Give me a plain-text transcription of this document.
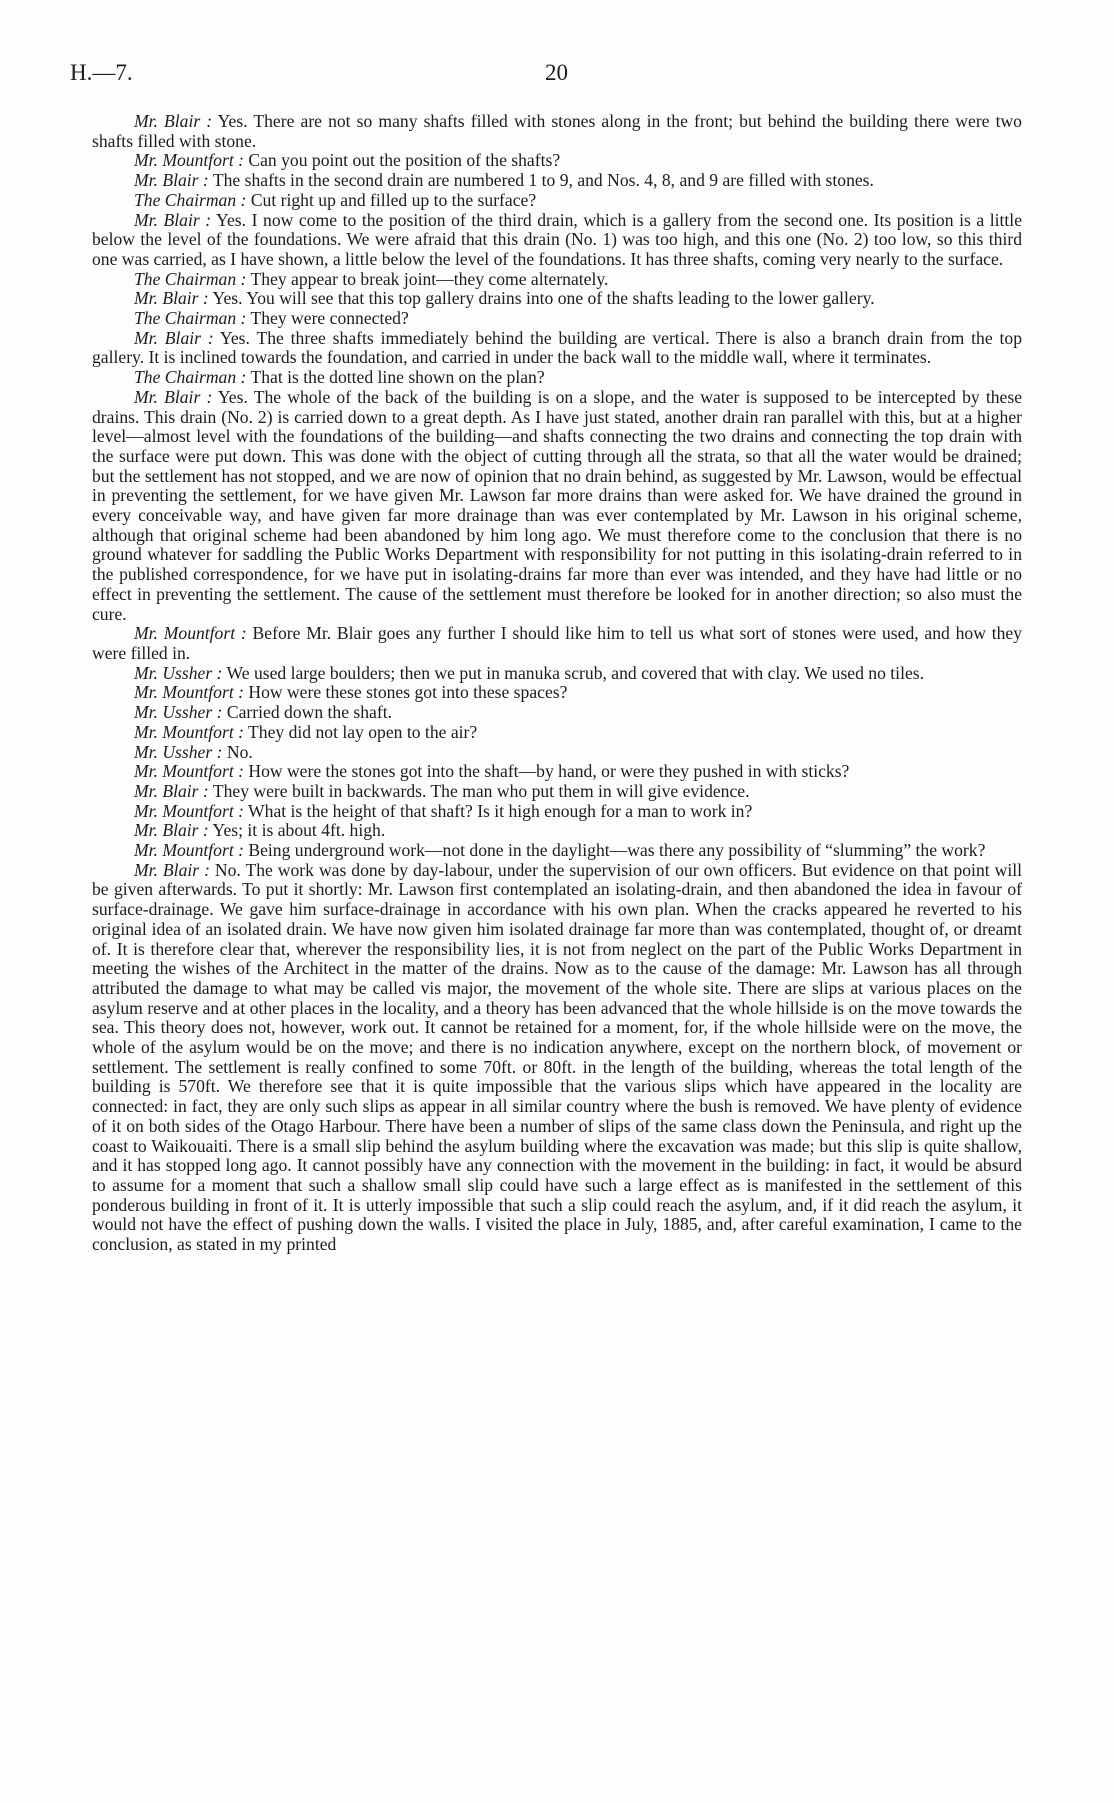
H.—7.	20

Mr. Blair : Yes. There are not so many shafts filled with stones along in the front; but behind the building there were two shafts filled with stone.

Mr. Mountfort : Can you point out the position of the shafts?

Mr. Blair : The shafts in the second drain are numbered 1 to 9, and Nos. 4, 8, and 9 are filled with stones.

The Chairman : Cut right up and filled up to the surface?

Mr. Blair : Yes. I now come to the position of the third drain, which is a gallery from the second one. Its position is a little below the level of the foundations. We were afraid that this drain (No. 1) was too high, and this one (No. 2) too low, so this third one was carried, as I have shown, a little below the level of the foundations. It has three shafts, coming very nearly to the surface.

The Chairman : They appear to break joint—they come alternately.

Mr. Blair : Yes. You will see that this top gallery drains into one of the shafts leading to the lower gallery.

The Chairman : They were connected?

Mr. Blair : Yes. The three shafts immediately behind the building are vertical. There is also a branch drain from the top gallery. It is inclined towards the foundation, and carried in under the back wall to the middle wall, where it terminates.

The Chairman : That is the dotted line shown on the plan?

Mr. Blair : Yes. The whole of the back of the building is on a slope, and the water is supposed to be intercepted by these drains. This drain (No. 2) is carried down to a great depth. As I have just stated, another drain ran parallel with this, but at a higher level—almost level with the foundations of the building—and shafts connecting the two drains and connecting the top drain with the surface were put down. This was done with the object of cutting through all the strata, so that all the water would be drained; but the settlement has not stopped, and we are now of opinion that no drain behind, as suggested by Mr. Lawson, would be effectual in preventing the settlement, for we have given Mr. Lawson far more drains than were asked for. We have drained the ground in every conceivable way, and have given far more drainage than was ever contemplated by Mr. Lawson in his original scheme, although that original scheme had been abandoned by him long ago. We must therefore come to the conclusion that there is no ground whatever for saddling the Public Works Department with responsibility for not putting in this isolating-drain referred to in the published correspondence, for we have put in isolating-drains far more than ever was intended, and they have had little or no effect in preventing the settlement. The cause of the settlement must therefore be looked for in another direction; so also must the cure.

Mr. Mountfort : Before Mr. Blair goes any further I should like him to tell us what sort of stones were used, and how they were filled in.

Mr. Ussher : We used large boulders; then we put in manuka scrub, and covered that with clay. We used no tiles.

Mr. Mountfort : How were these stones got into these spaces?

Mr. Ussher : Carried down the shaft.

Mr. Mountfort : They did not lay open to the air?

Mr. Ussher : No.

Mr. Mountfort : How were the stones got into the shaft—by hand, or were they pushed in with sticks?

Mr. Blair : They were built in backwards. The man who put them in will give evidence.

Mr. Mountfort : What is the height of that shaft? Is it high enough for a man to work in?

Mr. Blair : Yes; it is about 4ft. high.

Mr. Mountfort : Being underground work—not done in the daylight—was there any possibility of “slumming” the work?

Mr. Blair : No. The work was done by day-labour, under the supervision of our own officers. But evidence on that point will be given afterwards. To put it shortly: Mr. Lawson first contemplated an isolating-drain, and then abandoned the idea in favour of surface-drainage. We gave him surface-drainage in accordance with his own plan. When the cracks appeared he reverted to his original idea of an isolated drain. We have now given him isolated drainage far more than was contemplated, thought of, or dreamt of. It is therefore clear that, wherever the responsibility lies, it is not from neglect on the part of the Public Works Department in meeting the wishes of the Architect in the matter of the drains. Now as to the cause of the damage: Mr. Lawson has all through attributed the damage to what may be called vis major, the movement of the whole site. There are slips at various places on the asylum reserve and at other places in the locality, and a theory has been advanced that the whole hillside is on the move towards the sea. This theory does not, however, work out. It cannot be retained for a moment, for, if the whole hillside were on the move, the whole of the asylum would be on the move; and there is no indication anywhere, except on the northern block, of movement or settlement. The settlement is really confined to some 70ft. or 80ft. in the length of the building, whereas the total length of the building is 570ft. We therefore see that it is quite impossible that the various slips which have appeared in the locality are connected: in fact, they are only such slips as appear in all similar country where the bush is removed. We have plenty of evidence of it on both sides of the Otago Harbour. There have been a number of slips of the same class down the Peninsula, and right up the coast to Waikouaiti. There is a small slip behind the asylum building where the excavation was made; but this slip is quite shallow, and it has stopped long ago. It cannot possibly have any connection with the movement in the building: in fact, it would be absurd to assume for a moment that such a shallow small slip could have such a large effect as is manifested in the settlement of this ponderous building in front of it. It is utterly impossible that such a slip could reach the asylum, and, if it did reach the asylum, it would not have the effect of pushing down the walls. I visited the place in July, 1885, and, after careful examination, I came to the conclusion, as stated in my printed
